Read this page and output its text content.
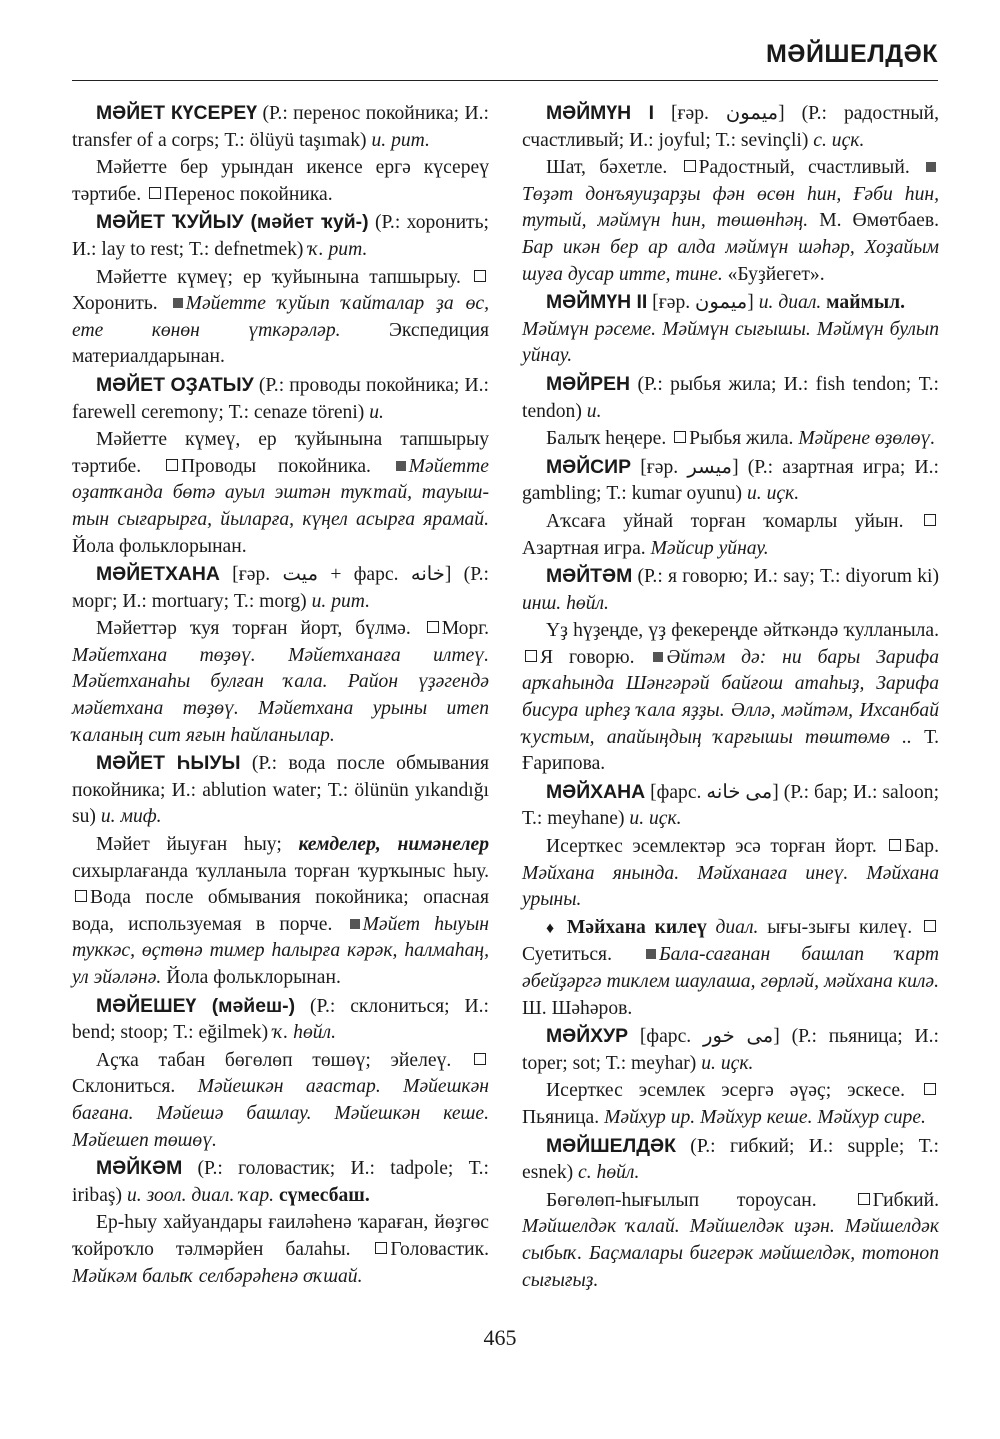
МӘЙШЕЛДӘК
МӘЙЕТ КҮСЕРЕҮ (Р.: перенос покойника; И.: transfer of a corps; Т.: ölüyü taşımak) и. рит.
Мәйетте бер урындан икенсе ергә күсереү тәртибе. Перенос покойника.
МӘЙЕТ ҠУЙЫУ (мәйет ҡуй-) (Р.: хоронить; И.: lay to rest; Т.: defnetmek) ҡ. рит.
Мәйетте күмеү; ер ҡуйынына тапшырыу. Хоронить. Мәйетте ҡуйып ҡайталар ҙа өс, ете көнөн үткәрәләр. Экспедиция материалдарынан.
МӘЙЕТ ОҘАТЫУ (Р.: проводы покойника; И.: farewell ceremony; Т.: cenaze töreni) и.
Мәйетте күмеү, ер ҡуйынына тапшырыу тәртибе. Проводы покойника. Мәйетте оҙатҡанда бөтә ауыл эштән туҡтай, тауыш-тын сығарырға, йыларға, күңел асырға ярамай. Йола фольклорынан.
МӘЙЕТХАНА [ғәр. ميت + фарс. خانه] (Р.: морг; И.: mortuary; Т.: morg) и. рит.
Мәйеттәр ҡуя торған йорт, бүлмә. Морг. Мәйетхана төҙөү. Мәйетханаға илтеү. Мәйетханаһы булған ҡала. Район үҙәгендә мәйетхана төҙөү. Мәйетхана урыны итеп ҡаланың сит яғын һайланылар.
МӘЙЕТ ҺЫУЫ (Р.: вода после обмывания покойника; И.: ablution water; Т.: ölünün yıkandığı su) и. миф.
Мәйет йыуған һыу; кемделер, нимәнелер сихырлағанда ҡулланыла торған ҡурҡыныс һыу. Вода после обмывания покойника; опасная вода, используемая в порче. Мәйет һыуын туккәс, өҫтөнә тимер һалырға кәрәк, һалмаһаң, ул эйәләнә. Йола фольклорынан.
МӘЙЕШЕҮ (мәйеш-) (Р.: склониться; И.: bend; stoop; Т.: eğilmek) ҡ. һөйл.
Аҫҡа табан бөгөлөп төшөү; эйелеү. Склониться. Мәйешкән ағастар. Мәйешкән бағана. Мәйешә башлау. Мәйешкән кеше. Мәйешеп төшөү.
МӘЙКӘМ (Р.: головастик; И.: tadpole; Т.: iribaş) и. зоол. диал. ҡар. сүмесбаш.
Ер-һыу хайуандары ғаиләһенә ҡараған, йөҙгөс ҡойроҡло тәлмәрйен балаһы. Головастик. Мәйкәм балыҡ селбәрәһенә оҡшай.
МӘЙМҮН I [ғәр. ميمون] (Р.: радостный, счастливый; И.: joyful; Т.: sevinçli) с. иҫк.
Шат, бәхетле. Радостный, счастливый. Төҙәт донъяуиҙарҙы фән өсөн һин, Ғәби һин, тутый, мәймүн һин, төшөнһәң. М. Өмөтбаев. Бар икән бер ар алда мәймүн шәһәр, Хоҙайым шуға дусар итте, тине. «Буҙйегет».
МӘЙМҮН II [ғәр. ميمون] и. диал. маймыл.
Мәймүн рәсеме. Мәймүн сығышы. Мәймүн булып уйнау.
МӘЙРЕН (Р.: рыбья жила; И.: fish tendon; Т.: tendon) и.
Балыҡ һеңере. Рыбья жила. Мәйрене өҙөлөү.
МӘЙСИР [ғәр. ميسر] (Р.: азартная игра; И.: gambling; Т.: kumar oyunu) и. иҫк.
Аҡсаға уйнай торған ҡомарлы уйын. Азартная игра. Мәйсир уйнау.
МӘЙТӘМ (Р.: я говорю; И.: say; Т.: diyorum ki) инш. һөйл.
Үҙ һүҙеңде, үҙ фекереңде әйткәндә ҡулланыла. Я говорю. Әйтәм дә: ни бары Зарифа арҡаһында Шәнгәрәй байғош атаһыҙ, Зарифа бисура ирһеҙ ҡала яҙҙы. Әллә, мәйтәм, Ихсанбай ҡустым, апайыңдың ҡарғышы төштөмө .. Т. Ғарипова.
МӘЙХАНА [фарс. مى خانه] (Р.: бар; И.: saloon; Т.: meyhane) и. иҫк.
Исерткес эсемлектәр эсә торған йорт. Бар. Мәйхана янында. Мәйханаға инеү. Мәйхана урыны.
♦ Мәйхана килеү диал. ығы-зығы килеү. Суетиться. Бала-сағанан башлап ҡарт әбейҙәргә тиклем шаулаша, гөрләй, мәйхана килә. Ш. Шәһәров.
МӘЙХУР [фарс. مى خور] (Р.: пьяница; И.: toper; sot; Т.: meyhar) и. иҫк.
Исерткес эсемлек эсергә әүәҫ; эскесе. Пьяница. Мәйхур ир. Мәйхур кеше. Мәйхур сире.
МӘЙШЕЛДӘК (Р.: гибкий; И.: supple; Т.: esnek) с. һөйл.
Бөгөлөп-һығылып тороусан. Гибкий. Мәйшелдәк ҡалай. Мәйшелдәк иҙән. Мәйшелдәк сыбыҡ. Баҫмалары бигерәк мәйшелдәк, тотоноп сығығыҙ.
465
